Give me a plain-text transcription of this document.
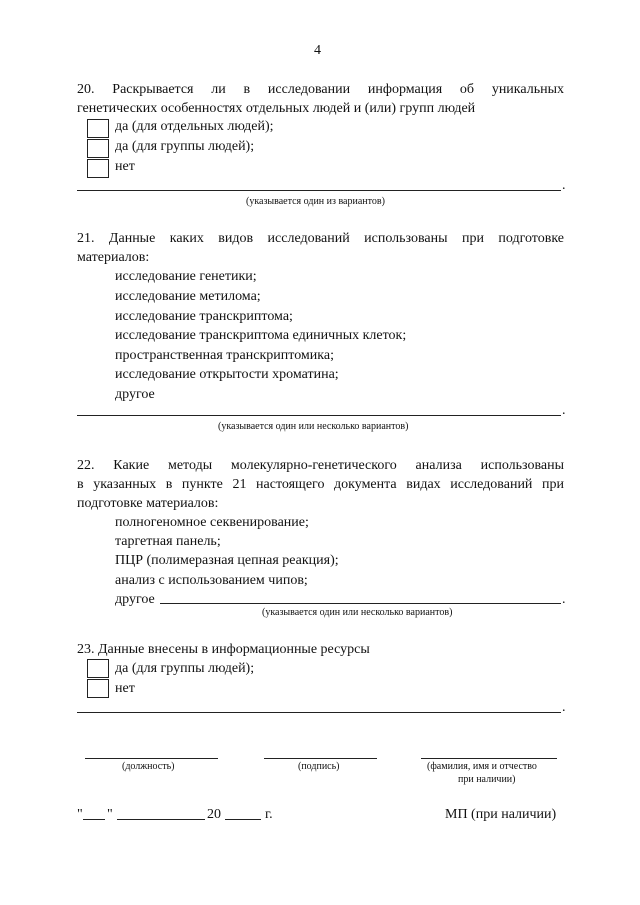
4
20. Раскрывается ли в исследовании информация об уникальных
генетических особенностях отдельных людей и (или) групп людей
да (для отдельных людей);
да (для группы людей);
нет
.
(указывается один из вариантов)
21. Данные каких видов исследований использованы при подготовке
материалов:
исследование генетики;
исследование метилома;
исследование транскриптома;
исследование транскриптома единичных клеток;
пространственная транскриптомика;
исследование открытости хроматина;
другое
.
(указывается один или несколько вариантов)
22. Какие методы молекулярно-генетического анализа использованы
в указанных в пункте 21 настоящего документа видах исследований при
подготовке материалов:
полногеномное секвенирование;
таргетная панель;
ПЦР (полимеразная цепная реакция);
анализ с использованием чипов;
другое	.
(указывается один или несколько вариантов)
23. Данные внесены в информационные ресурсы
да (для группы людей);
нет
.
(должность)	(подпись)	(фамилия, имя и отчество
при наличии)
" "	20	г.	МП (при наличии)
